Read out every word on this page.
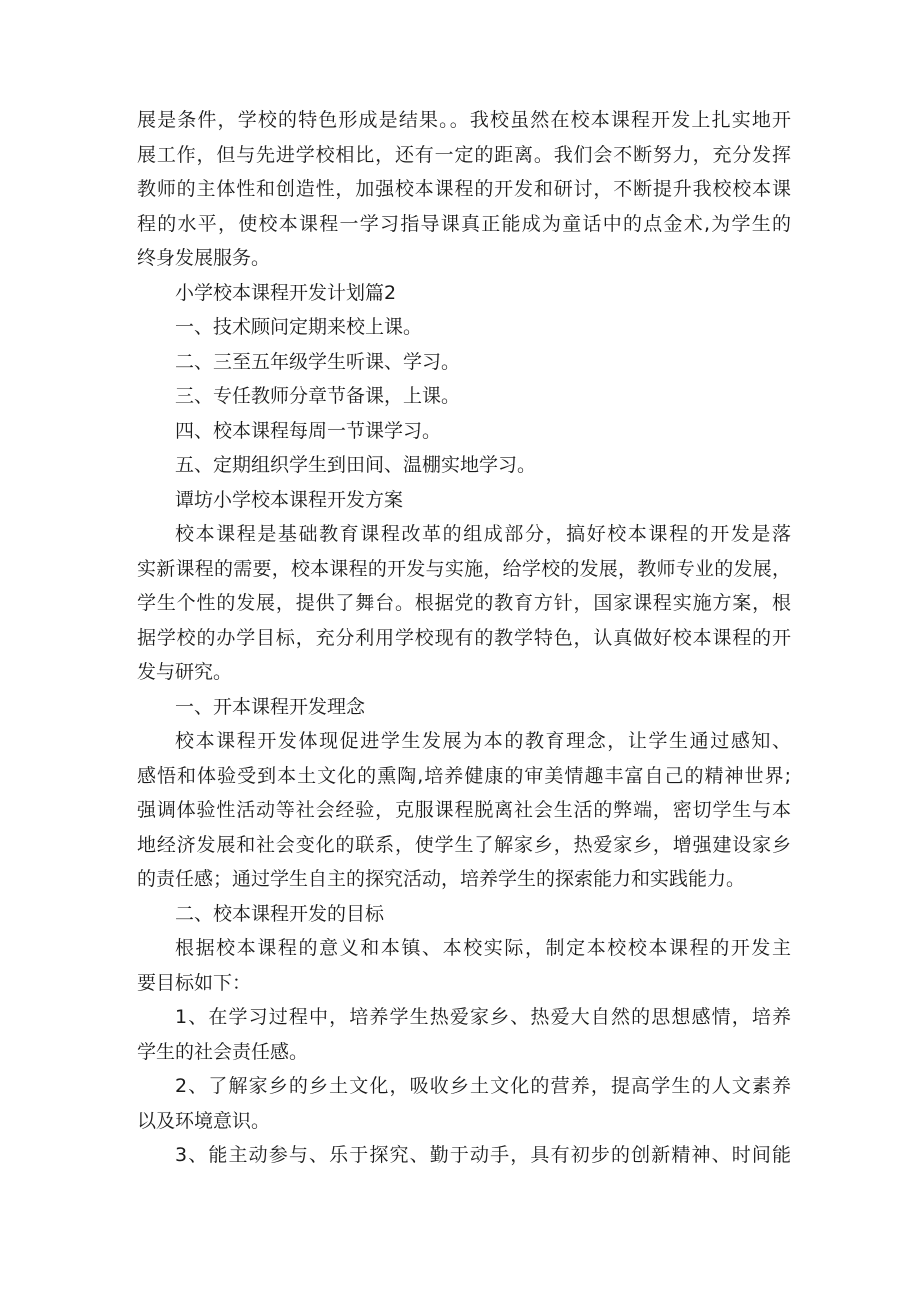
展是条件，学校的特色形成是结果。。我校虽然在校本课程开发上扎实地开
展工作，但与先进学校相比，还有一定的距离。我们会不断努力，充分发挥
教师的主体性和创造性，加强校本课程的开发和研讨，不断提升我校校本课
程的水平，使校本课程一学习指导课真正能成为童话中的点金术,为学生的
终身发展服务。
小学校本课程开发计划篇2
一、技术顾问定期来校上课。
二、三至五年级学生听课、学习。
三、专任教师分章节备课，上课。
四、校本课程每周一节课学习。
五、定期组织学生到田间、温棚实地学习。
谭坊小学校本课程开发方案
校本课程是基础教育课程改革的组成部分，搞好校本课程的开发是落
实新课程的需要，校本课程的开发与实施，给学校的发展，教师专业的发展，
学生个性的发展，提供了舞台。根据党的教育方针，国家课程实施方案，根
据学校的办学目标，充分利用学校现有的教学特色，认真做好校本课程的开
发与研究。
一、开本课程开发理念
校本课程开发体现促进学生发展为本的教育理念，让学生通过感知、
感悟和体验受到本土文化的熏陶,培养健康的审美情趣丰富自己的精神世界;
强调体验性活动等社会经验，克服课程脱离社会生活的弊端，密切学生与本
地经济发展和社会变化的联系，使学生了解家乡，热爱家乡，增强建设家乡
的责任感；通过学生自主的探究活动，培养学生的探索能力和实践能力。
二、校本课程开发的目标
根据校本课程的意义和本镇、本校实际，制定本校校本课程的开发主
要目标如下：
1、在学习过程中，培养学生热爱家乡、热爱大自然的思想感情，培养
学生的社会责任感。
2、了解家乡的乡土文化，吸收乡土文化的营养，提高学生的人文素养
以及环境意识。
3、能主动参与、乐于探究、勤于动手，具有初步的创新精神、时间能
